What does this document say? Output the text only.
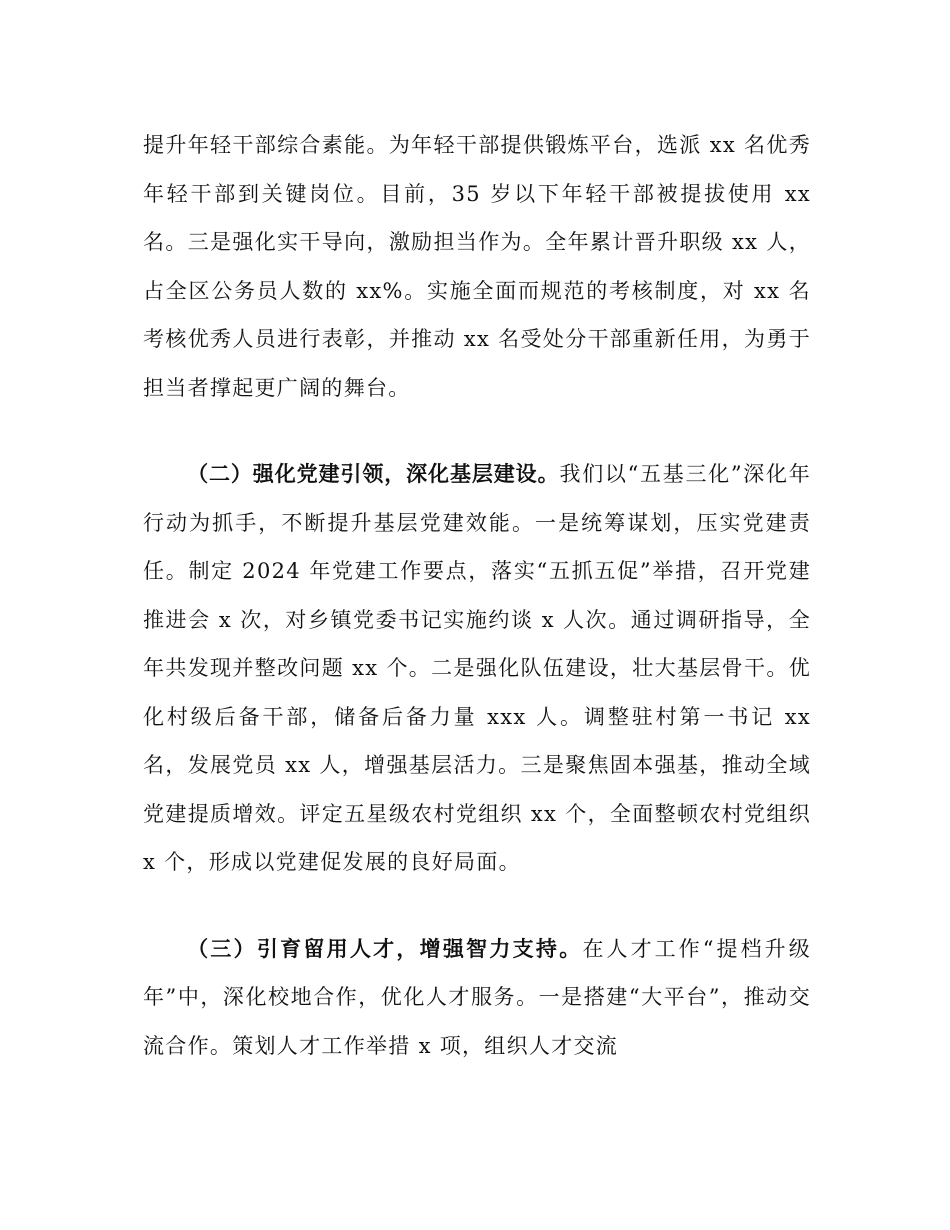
提升年轻干部综合素能。为年轻干部提供锻炼平台，选派 xx 名优秀年轻干部到关键岗位。目前，35 岁以下年轻干部被提拔使用 xx 名。三是强化实干导向，激励担当作为。全年累计晋升职级 xx 人，占全区公务员人数的 xx%。实施全面而规范的考核制度，对 xx 名考核优秀人员进行表彰，并推动 xx 名受处分干部重新任用，为勇于担当者撑起更广阔的舞台。

（二）强化党建引领，深化基层建设。我们以“五基三化”深化年行动为抓手，不断提升基层党建效能。一是统筹谋划，压实党建责任。制定 2024 年党建工作要点，落实“五抓五促”举措，召开党建推进会 x 次，对乡镇党委书记实施约谈 x 人次。通过调研指导，全年共发现并整改问题 xx 个。二是强化队伍建设，壮大基层骨干。优化村级后备干部，储备后备力量 xxx 人。调整驻村第一书记 xx 名，发展党员 xx 人，增强基层活力。三是聚焦固本强基，推动全域党建提质增效。评定五星级农村党组织 xx 个，全面整顿农村党组织 x 个，形成以党建促发展的良好局面。

（三）引育留用人才，增强智力支持。在人才工作“提档升级年”中，深化校地合作，优化人才服务。一是搭建“大平台”，推动交流合作。策划人才工作举措 x 项，组织人才交流
